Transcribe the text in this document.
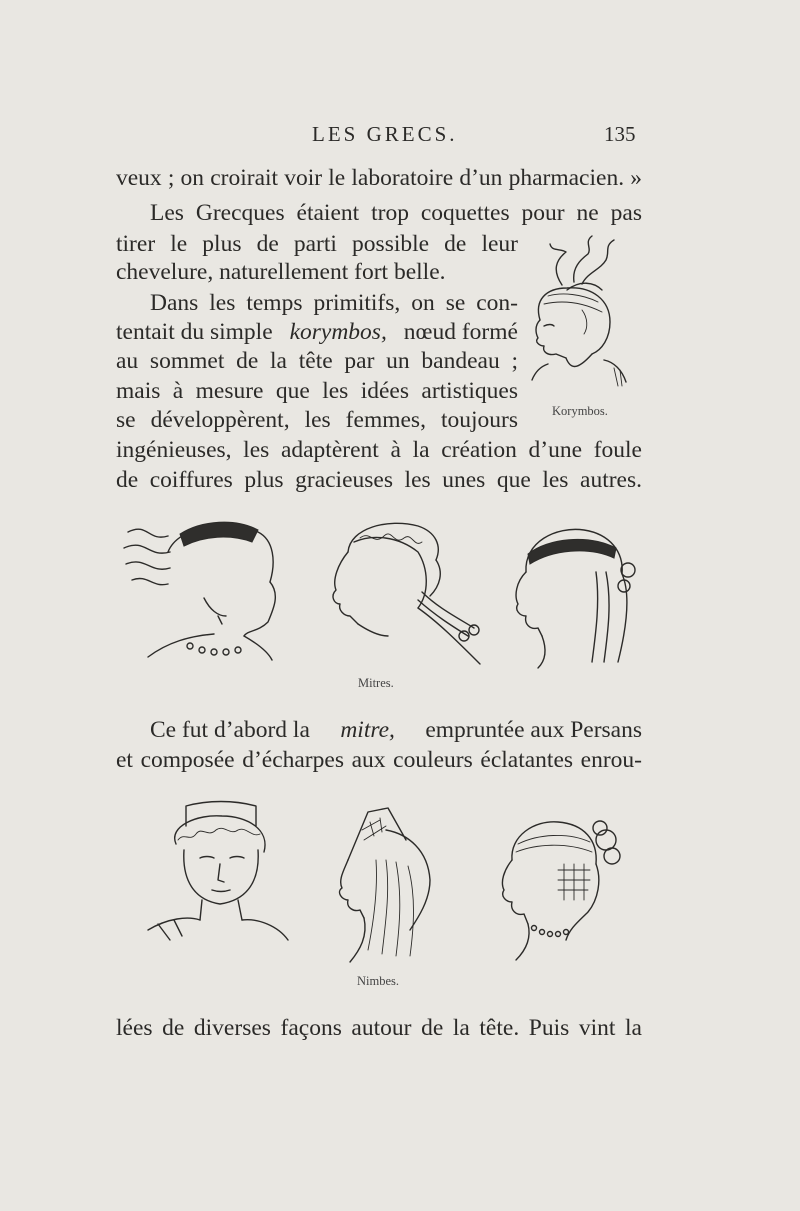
LES GRECS.	135
veux ; on croirait voir le laboratoire d’un pharmacien. »
Les Grecques étaient trop coquettes pour ne pas
tirer le plus de parti possible de leur
chevelure, naturellement fort belle.
Dans les temps primitifs, on se con-
tentait du simple korymbos, nœud formé
au sommet de la tête par un bandeau ;
mais à mesure que les idées artistiques
se développèrent, les femmes, toujours
ingénieuses, les adaptèrent à la création d’une foule
de coiffures plus gracieuses les unes que les autres.
Ce fut d’abord la mitre, empruntée aux Persans
et composée d’écharpes aux couleurs éclatantes enrou-
lées de diverses façons autour de la tête. Puis vint la
Korymbos.
Mitres.
Nimbes.
